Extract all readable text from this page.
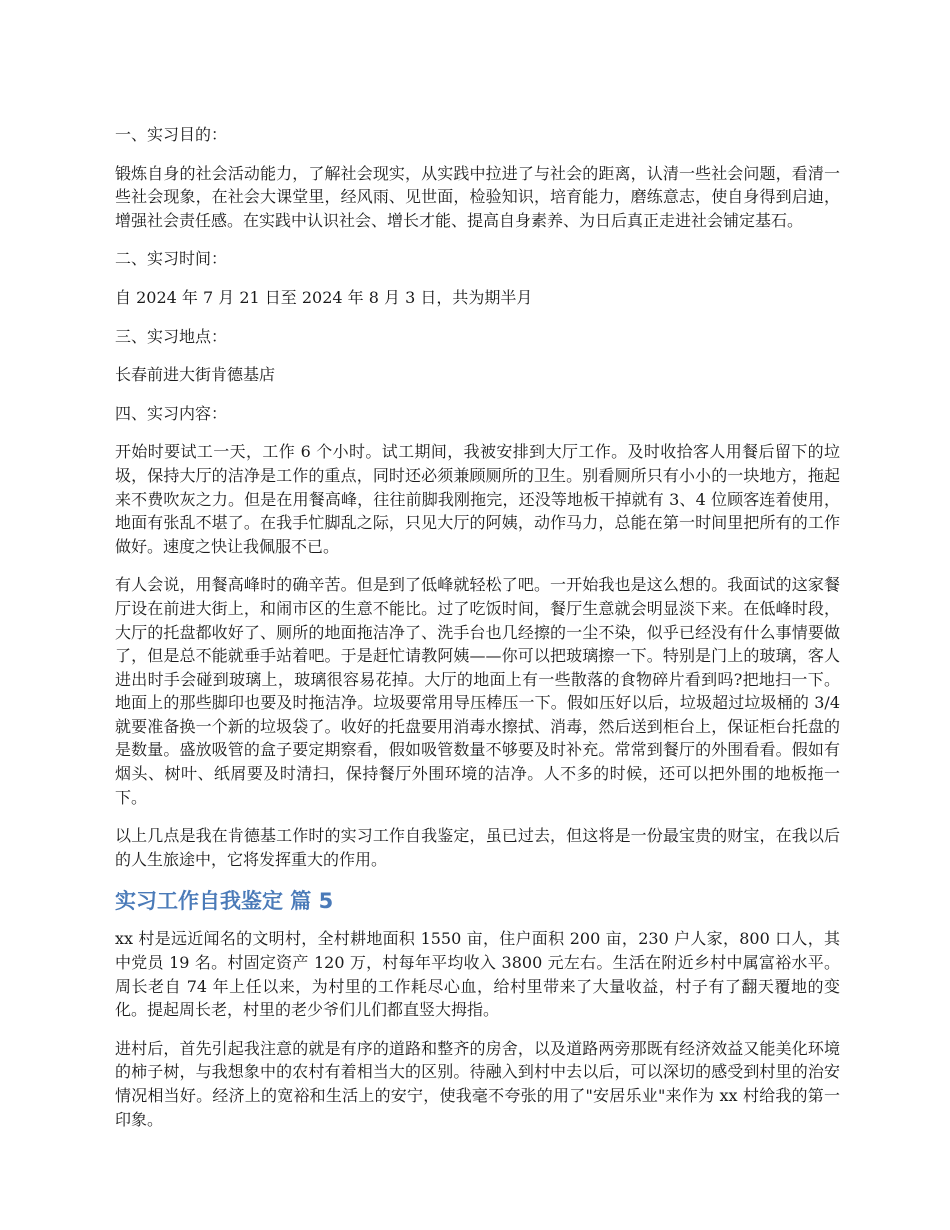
一、实习目的：

锻炼自身的社会活动能力，了解社会现实，从实践中拉进了与社会的距离，认清一些社会问题，看清一些社会现象，在社会大课堂里，经风雨、见世面，检验知识，培育能力，磨练意志，使自身得到启迪，增强社会责任感。在实践中认识社会、增长才能、提高自身素养、为日后真正走进社会铺定基石。

二、实习时间：

自 2024 年 7 月 21 日至 2024 年 8 月 3 日，共为期半月

三、实习地点：

长春前进大街肯德基店

四、实习内容：

开始时要试工一天，工作 6 个小时。试工期间，我被安排到大厅工作。及时收拾客人用餐后留下的垃圾，保持大厅的洁净是工作的重点，同时还必须兼顾厕所的卫生。别看厕所只有小小的一块地方，拖起来不费吹灰之力。但是在用餐高峰，往往前脚我刚拖完，还没等地板干掉就有 3、4 位顾客连着使用，地面有张乱不堪了。在我手忙脚乱之际，只见大厅的阿姨，动作马力，总能在第一时间里把所有的工作做好。速度之快让我佩服不已。

有人会说，用餐高峰时的确辛苦。但是到了低峰就轻松了吧。一开始我也是这么想的。我面试的这家餐厅设在前进大街上，和闹市区的生意不能比。过了吃饭时间，餐厅生意就会明显淡下来。在低峰时段，大厅的托盘都收好了、厕所的地面拖洁净了、洗手台也几经擦的一尘不染，似乎已经没有什么事情要做了，但是总不能就垂手站着吧。于是赶忙请教阿姨——你可以把玻璃擦一下。特别是门上的玻璃，客人进出时手会碰到玻璃上，玻璃很容易花掉。大厅的地面上有一些散落的食物碎片看到吗?把地扫一下。地面上的那些脚印也要及时拖洁净。垃圾要常用导压棒压一下。假如压好以后，垃圾超过垃圾桶的 3/4 就要准备换一个新的垃圾袋了。收好的托盘要用消毒水擦拭、消毒，然后送到柜台上，保证柜台托盘的是数量。盛放吸管的盒子要定期察看，假如吸管数量不够要及时补充。常常到餐厅的外围看看。假如有烟头、树叶、纸屑要及时清扫，保持餐厅外围环境的洁净。人不多的时候，还可以把外围的地板拖一下。

以上几点是我在肯德基工作时的实习工作自我鉴定，虽已过去，但这将是一份最宝贵的财宝，在我以后的人生旅途中，它将发挥重大的作用。

实习工作自我鉴定 篇 5

xx 村是远近闻名的文明村，全村耕地面积 1550 亩，住户面积 200 亩，230 户人家，800 口人，其中党员 19 名。村固定资产 120 万，村每年平均收入 3800 元左右。生活在附近乡村中属富裕水平。周长老自 74 年上任以来，为村里的工作耗尽心血，给村里带来了大量收益，村子有了翻天覆地的变化。提起周长老，村里的老少爷们儿们都直竖大拇指。

进村后，首先引起我注意的就是有序的道路和整齐的房舍，以及道路两旁那既有经济效益又能美化环境的柿子树，与我想象中的农村有着相当大的区别。待融入到村中去以后，可以深切的感受到村里的治安情况相当好。经济上的宽裕和生活上的安宁，使我毫不夸张的用了"安居乐业"来作为 xx 村给我的第一印象。
